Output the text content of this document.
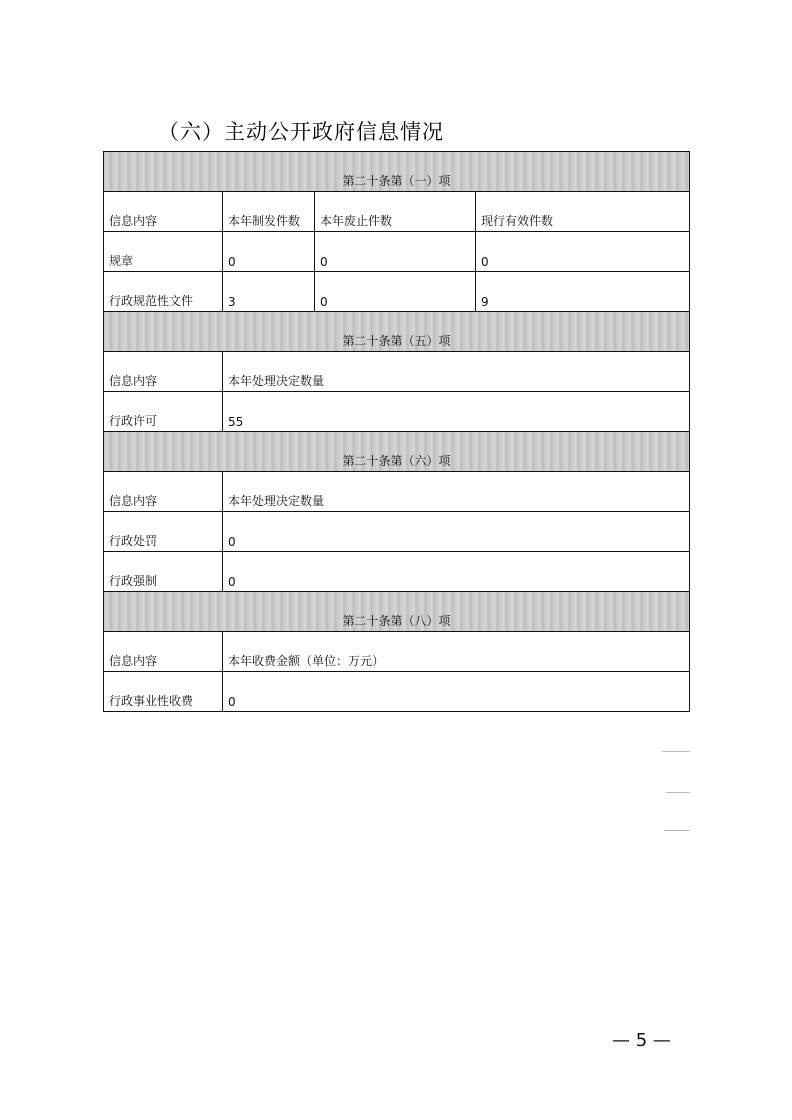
（六）主动公开政府信息情况
第二十条第（一）项			
信息内容	本年制发件数	本年废止件数	现行有效件数
规章	0	0	0
行政规范性文件	3	0	9
第二十条第（五）项			
信息内容	本年处理决定数量		
行政许可	55		
第二十条第（六）项			
信息内容	本年处理决定数量		
行政处罚	0		
行政强制	0		
第二十条第（八）项			
信息内容	本年收费金额（单位：万元）		
行政事业性收费	0		
— 5 —
